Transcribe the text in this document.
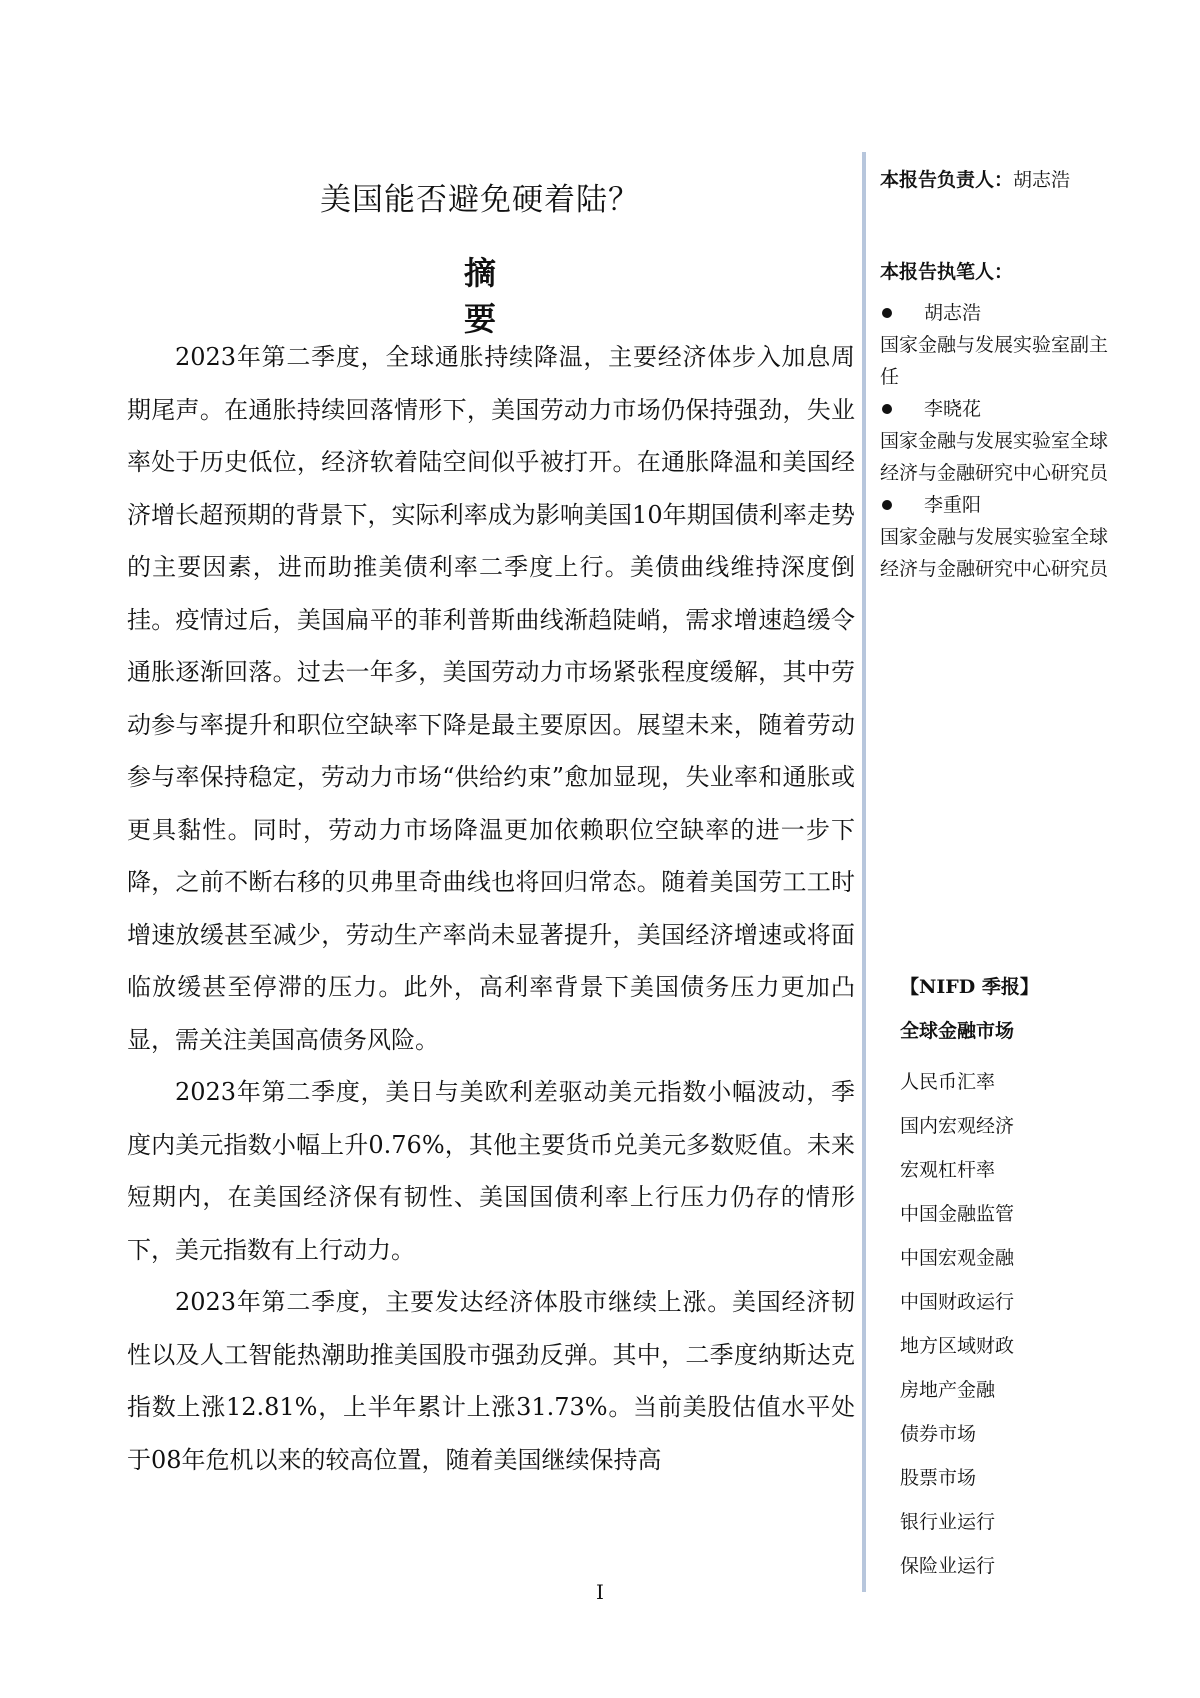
美国能否避免硬着陆？
摘 要

2023年第二季度，全球通胀持续降温，主要经济体步入加息周期尾声。在通胀持续回落情形下，美国劳动力市场仍保持强劲，失业率处于历史低位，经济软着陆空间似乎被打开。在通胀降温和美国经济增长超预期的背景下，实际利率成为影响美国10年期国债利率走势的主要因素，进而助推美债利率二季度上行。美债曲线维持深度倒挂。疫情过后，美国扁平的菲利普斯曲线渐趋陡峭，需求增速趋缓令通胀逐渐回落。过去一年多，美国劳动力市场紧张程度缓解，其中劳动参与率提升和职位空缺率下降是最主要原因。展望未来，随着劳动参与率保持稳定，劳动力市场“供给约束”愈加显现，失业率和通胀或更具黏性。同时，劳动力市场降温更加依赖职位空缺率的进一步下降，之前不断右移的贝弗里奇曲线也将回归常态。随着美国劳工工时增速放缓甚至减少，劳动生产率尚未显著提升，美国经济增速或将面临放缓甚至停滞的压力。此外，高利率背景下美国债务压力更加凸显，需关注美国高债务风险。

2023年第二季度，美日与美欧利差驱动美元指数小幅波动，季度内美元指数小幅上升0.76%，其他主要货币兑美元多数贬值。未来短期内，在美国经济保有韧性、美国国债利率上行压力仍存的情形下，美元指数有上行动力。

2023年第二季度，主要发达经济体股市继续上涨。美国经济韧性以及人工智能热潮助推美国股市强劲反弹。其中，二季度纳斯达克指数上涨12.81%，上半年累计上涨31.73%。当前美股估值水平处于08年危机以来的较高位置，随着美国继续保持高

本报告负责人：胡志浩
本报告执笔人：
胡志浩
国家金融与发展实验室副主任
李晓花
国家金融与发展实验室全球经济与金融研究中心研究员
李重阳
国家金融与发展实验室全球经济与金融研究中心研究员
【NIFD 季报】
全球金融市场
人民币汇率
国内宏观经济
宏观杠杆率
中国金融监管
中国宏观金融
中国财政运行
地方区域财政
房地产金融
债券市场
股票市场
银行业运行
保险业运行
I
